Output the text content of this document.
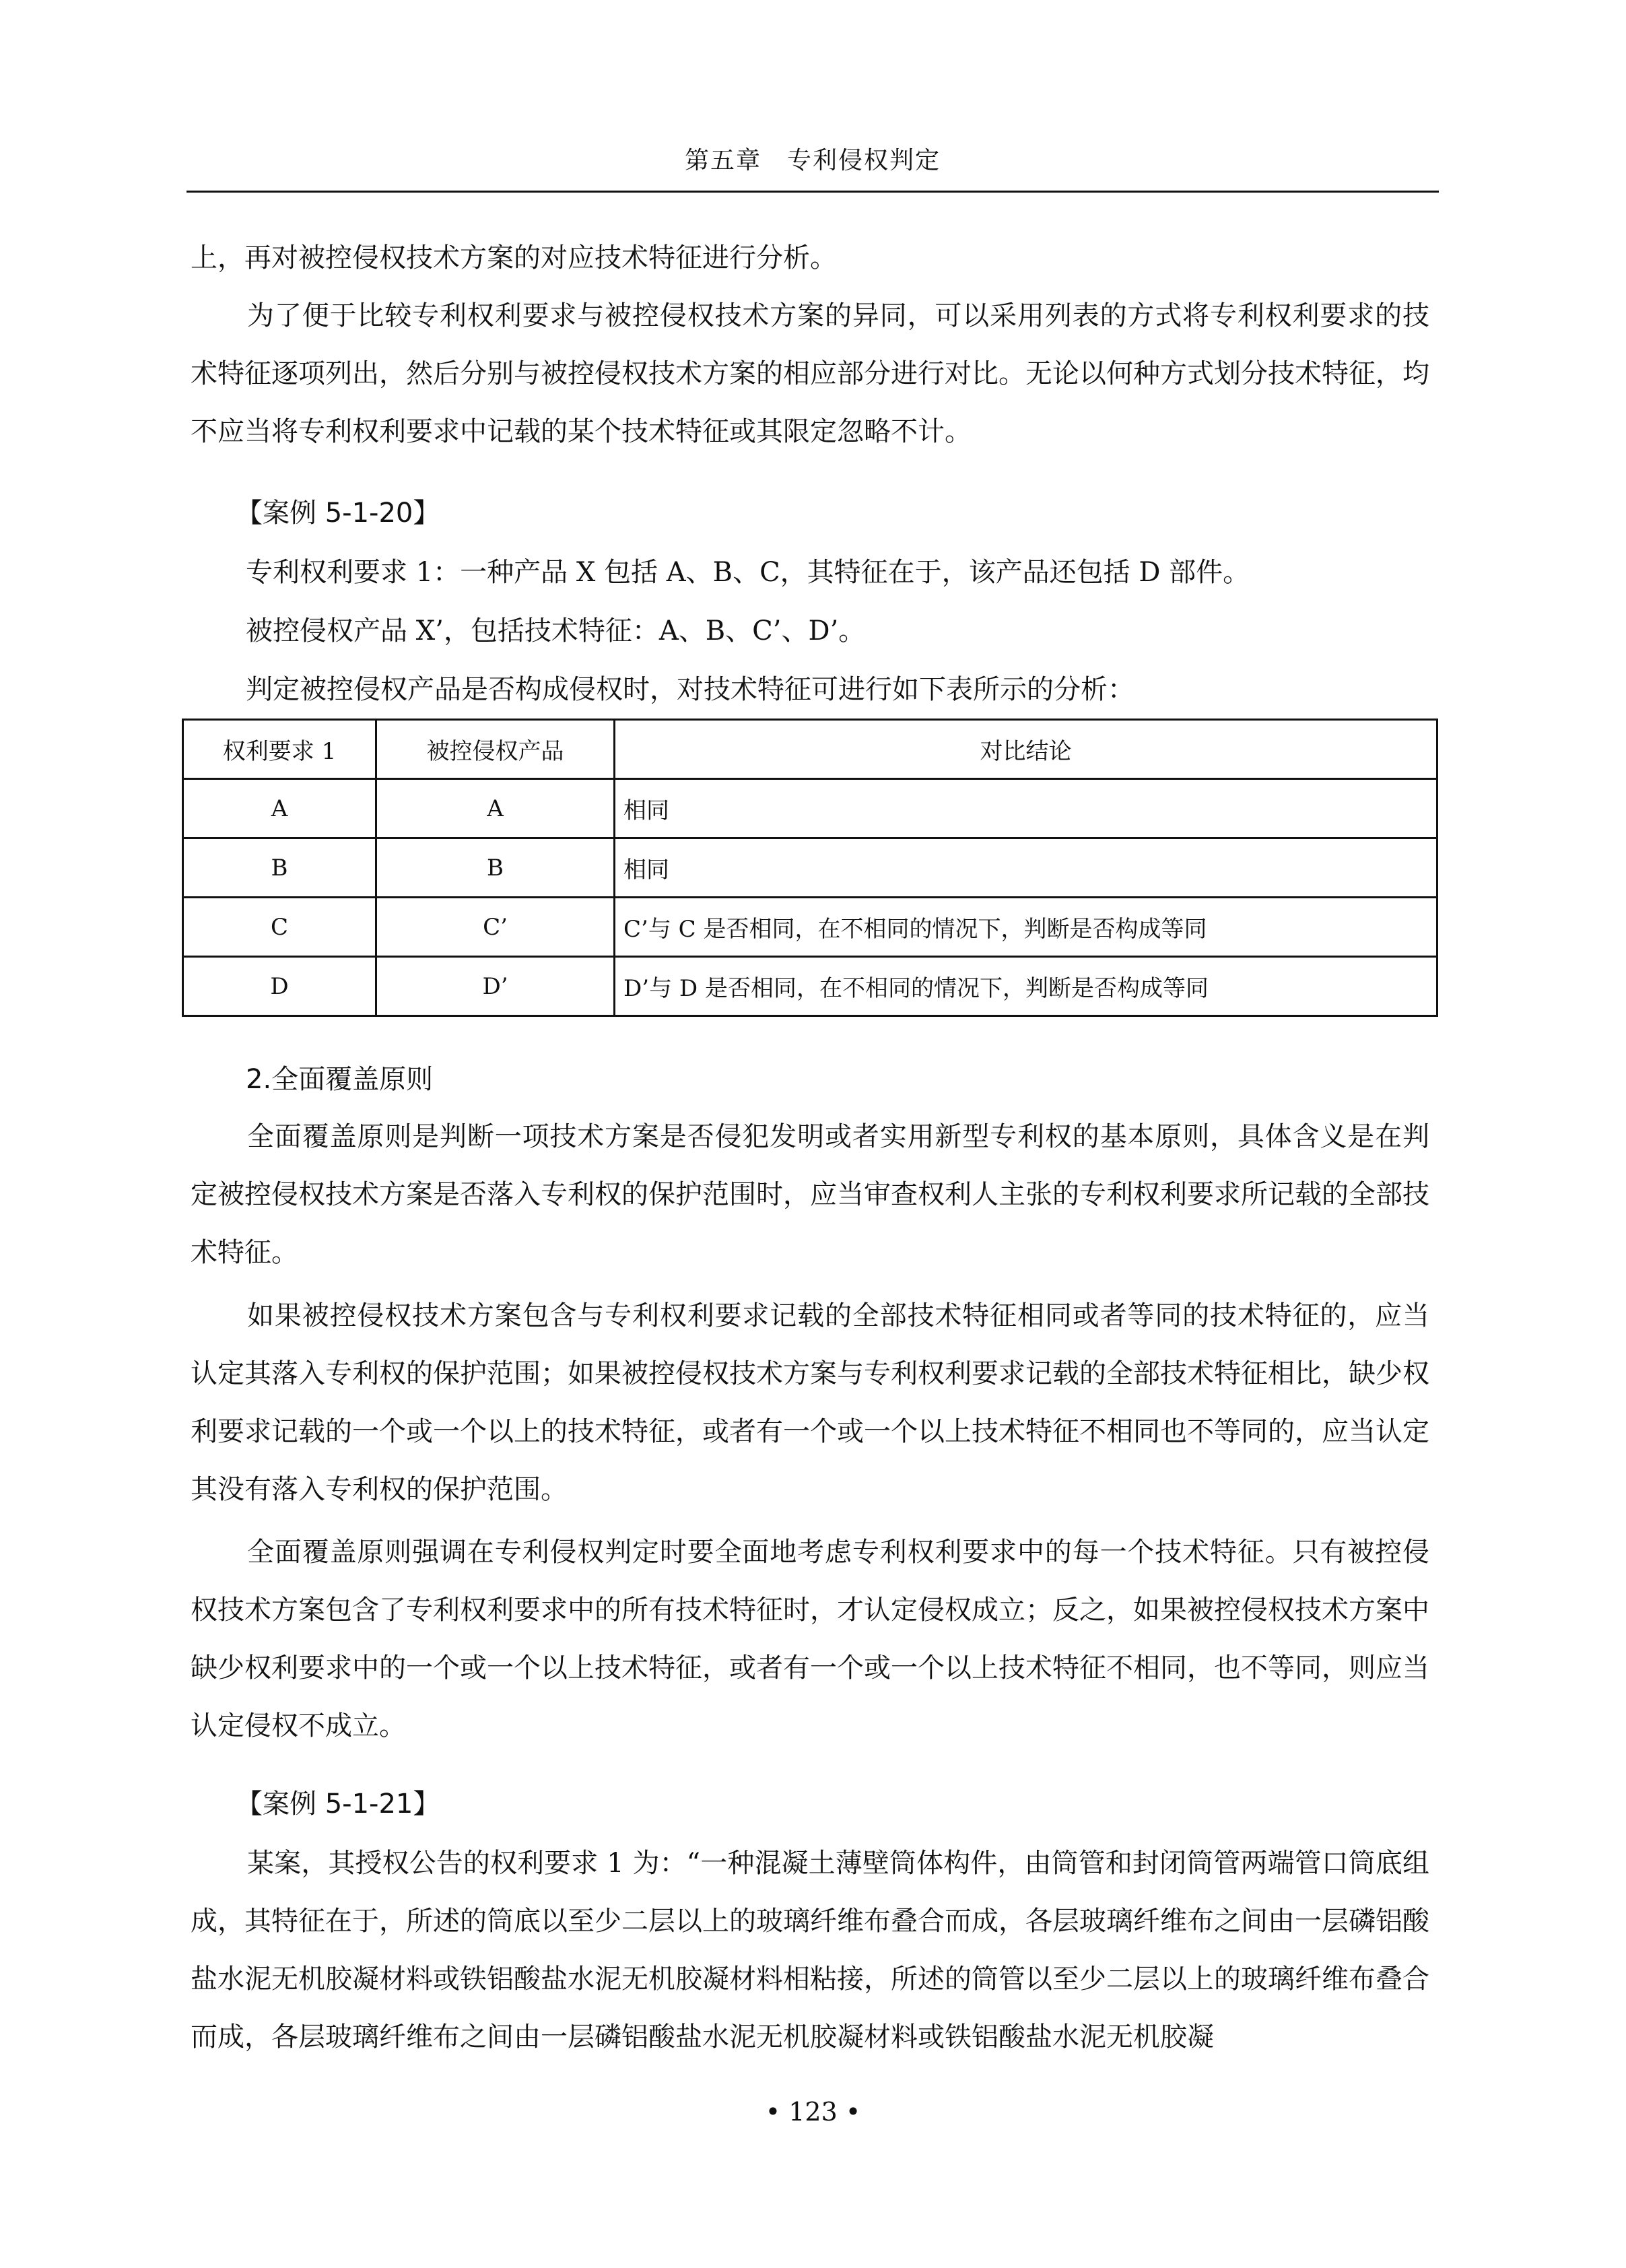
第五章　专利侵权判定

上，再对被控侵权技术方案的对应技术特征进行分析。

为了便于比较专利权利要求与被控侵权技术方案的异同，可以采用列表的方式将专利权利要求的技术特征逐项列出，然后分别与被控侵权技术方案的相应部分进行对比。无论以何种方式划分技术特征，均不应当将专利权利要求中记载的某个技术特征或其限定忽略不计。

【案例 5-1-20】
专利权利要求 1：一种产品 X 包括 A、B、C，其特征在于，该产品还包括 D 部件。
被控侵权产品 X’，包括技术特征：A、B、C’、D’。
判定被控侵权产品是否构成侵权时，对技术特征可进行如下表所示的分析：
权利要求 1	被控侵权产品	对比结论
A	A	相同
B	B	相同
C	C’	C’与 C 是否相同，在不相同的情况下，判断是否构成等同
D	D’	D’与 D 是否相同，在不相同的情况下，判断是否构成等同
2.全面覆盖原则

全面覆盖原则是判断一项技术方案是否侵犯发明或者实用新型专利权的基本原则，具体含义是在判定被控侵权技术方案是否落入专利权的保护范围时，应当审查权利人主张的专利权利要求所记载的全部技术特征。

如果被控侵权技术方案包含与专利权利要求记载的全部技术特征相同或者等同的技术特征的，应当认定其落入专利权的保护范围；如果被控侵权技术方案与专利权利要求记载的全部技术特征相比，缺少权利要求记载的一个或一个以上的技术特征，或者有一个或一个以上技术特征不相同也不等同的，应当认定其没有落入专利权的保护范围。

全面覆盖原则强调在专利侵权判定时要全面地考虑专利权利要求中的每一个技术特征。只有被控侵权技术方案包含了专利权利要求中的所有技术特征时，才认定侵权成立；反之，如果被控侵权技术方案中缺少权利要求中的一个或一个以上技术特征，或者有一个或一个以上技术特征不相同，也不等同，则应当认定侵权不成立。

【案例 5-1-21】

某案，其授权公告的权利要求 1 为：“一种混凝土薄壁筒体构件，由筒管和封闭筒管两端管口筒底组成，其特征在于，所述的筒底以至少二层以上的玻璃纤维布叠合而成，各层玻璃纤维布之间由一层磷铝酸盐水泥无机胶凝材料或铁铝酸盐水泥无机胶凝材料相粘接，所述的筒管以至少二层以上的玻璃纤维布叠合而成，各层玻璃纤维布之间由一层磷铝酸盐水泥无机胶凝材料或铁铝酸盐水泥无机胶凝

• 123 •
